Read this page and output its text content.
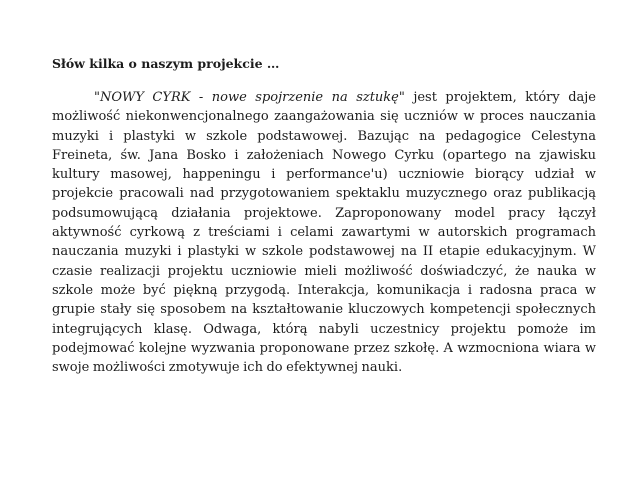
Słów kilka o naszym projekcie …

"NOWY CYRK - nowe spojrzenie na sztukę" jest projektem, który daje możliwość niekonwencjonalnego zaangażowania się uczniów w proces nauczania muzyki i plastyki w szkole podstawowej. Bazując na pedagogice Celestyna Freineta, św. Jana Bosko i założeniach Nowego Cyrku (opartego na zjawisku kultury masowej, happeningu i performance'u) uczniowie biorący udział w projekcie pracowali nad przygotowaniem spektaklu muzycznego oraz publikacją podsumowującą działania projektowe. Zaproponowany model pracy łączył aktywność cyrkową z treściami i celami zawartymi w autorskich programach nauczania muzyki i plastyki w szkole podstawowej na II etapie edukacyjnym. W czasie realizacji projektu uczniowie mieli możliwość doświadczyć, że nauka w szkole może być piękną przygodą. Interakcja, komunikacja i radosna praca w grupie stały się sposobem na kształtowanie kluczowych kompetencji społecznych integrujących klasę. Odwaga, którą nabyli uczestnicy projektu pomoże im podejmować kolejne wyzwania proponowane przez szkołę. A wzmocniona wiara w swoje możliwości zmotywuje ich do efektywnej nauki.
